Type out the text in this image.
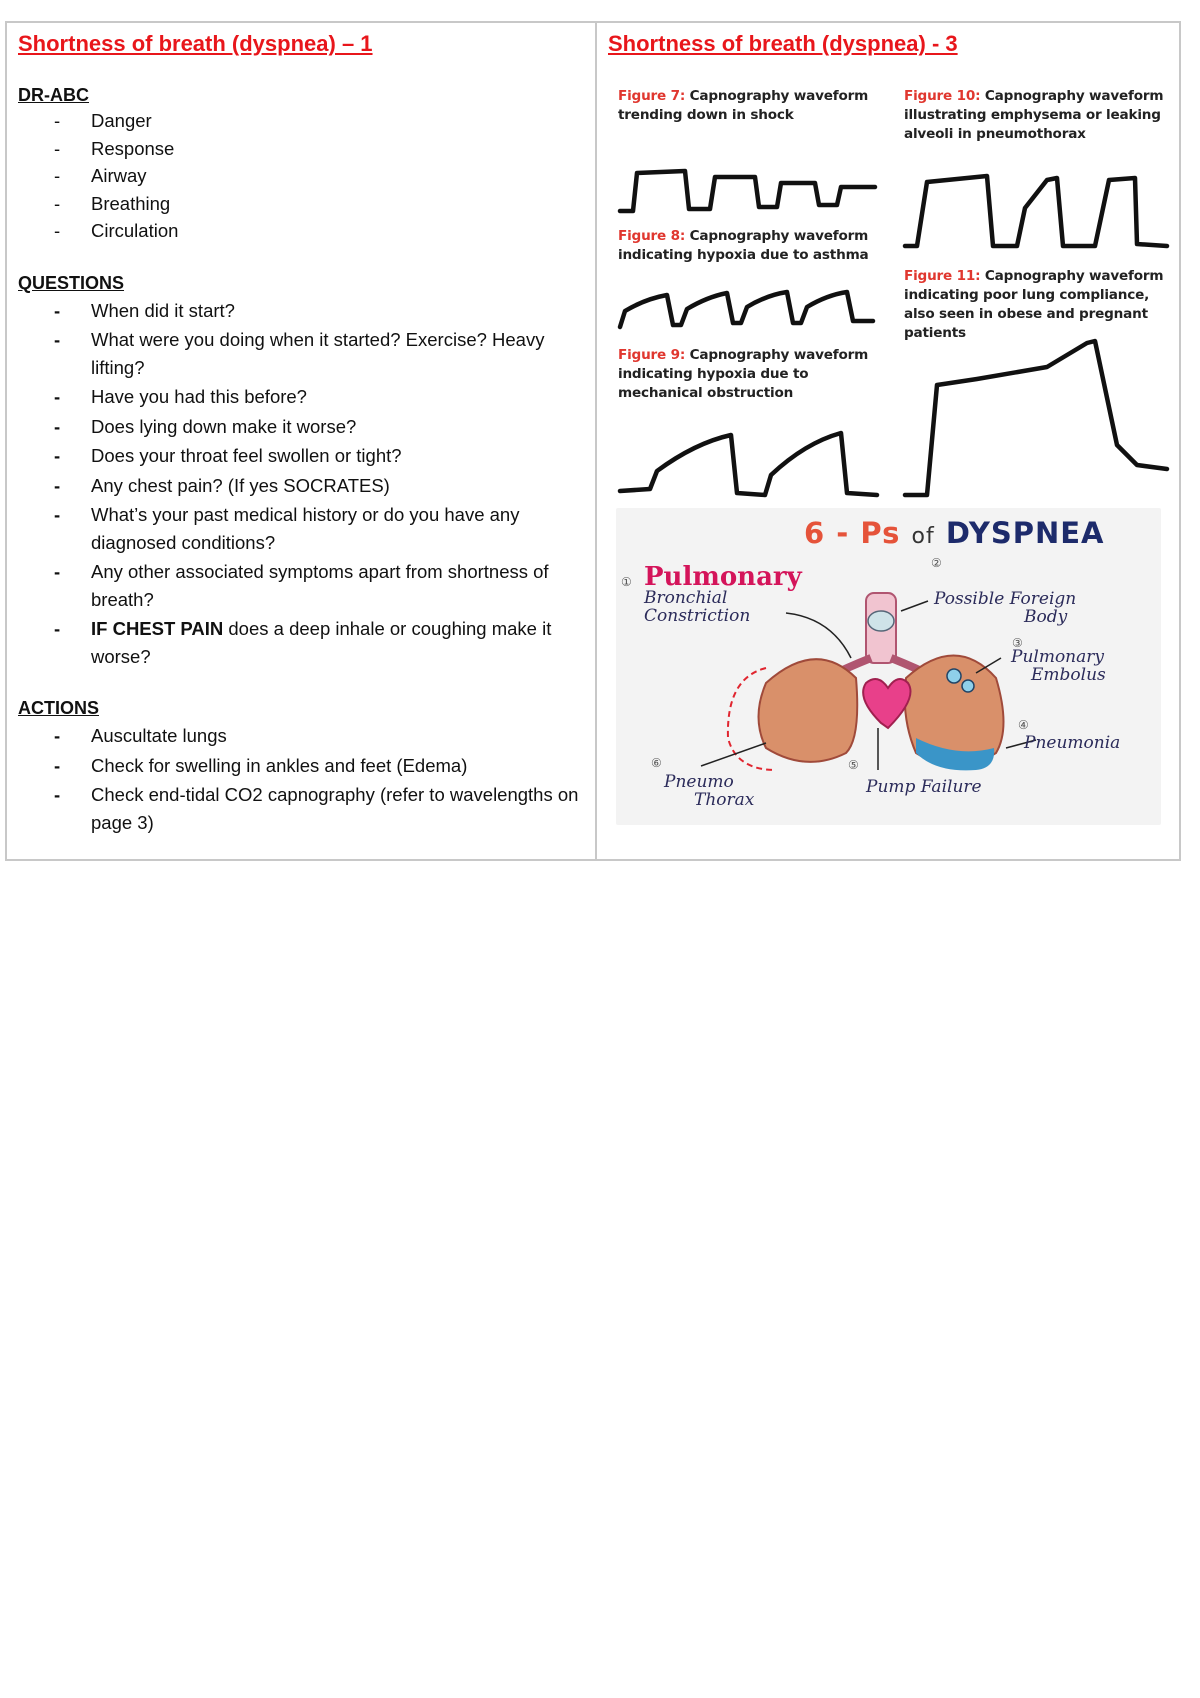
Shortness of breath (dyspnea) – 1
DR-ABC
- Danger
- Response
- Airway
- Breathing
- Circulation
QUESTIONS
- When did it start?
- What were you doing when it started? Exercise? Heavy lifting?
- Have you had this before?
- Does lying down make it worse?
- Does your throat feel swollen or tight?
- Any chest pain? (If yes SOCRATES)
- What’s your past medical history or do you have any diagnosed conditions?
- Any other associated symptoms apart from shortness of breath?
- IF CHEST PAIN does a deep inhale or coughing make it worse?
ACTIONS
- Auscultate lungs
- Check for swelling in ankles and feet (Edema)
- Check end-tidal CO2 capnography (refer to wavelengths on page 3)
Shortness of breath (dyspnea) - 3
Figure 7: Capnography waveform trending down in shock
Figure 8: Capnography waveform indicating hypoxia due to asthma
Figure 9: Capnography waveform indicating hypoxia due to mechanical obstruction
Figure 10: Capnography waveform illustrating emphysema or leaking alveoli in pneumothorax
Figure 11: Capnography waveform indicating poor lung compliance, also seen in obese and pregnant patients
6 - Ps of DYSPNEA
① Pulmonary
Bronchial
Constriction
②
Possible Foreign
Body
③
Pulmonary
Embolus
④
Pneumonia
⑤
Pump Failure
⑥
Pneumo
Thorax
